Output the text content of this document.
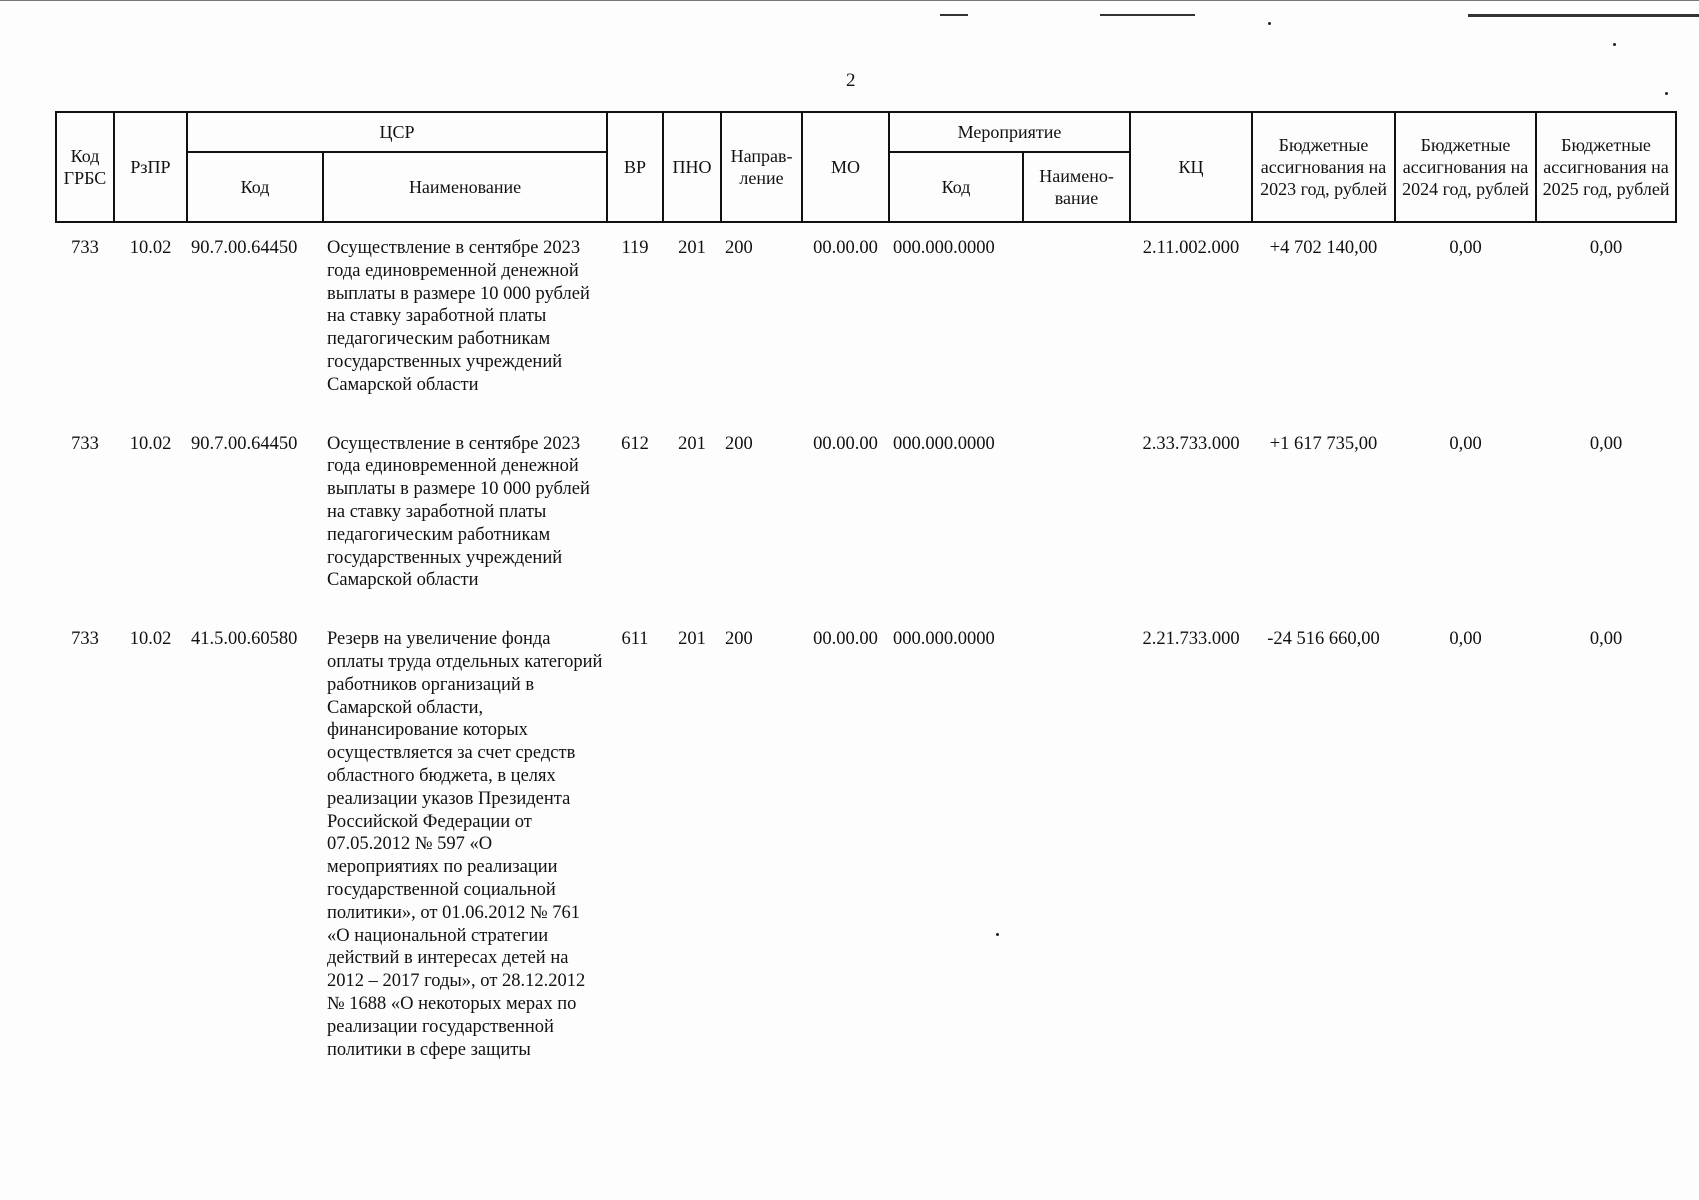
2
Код ГРБС	РзПР	ЦСР		ВР	ПНО	Направ-ление	МО	Мероприятие		КЦ	Бюджетные ассигнования на 2023 год, рублей	Бюджетные ассигнования на 2024 год, рублей	Бюджетные ассигнования на 2025 год, рублей
		Код	Наименование					Код	Наимено-вание				
733	10.02	90.7.00.64450	Осуществление в сентябре 2023 года единовременной денежной выплаты в размере 10 000 рублей на ставку заработной платы педагогическим работникам государственных учреждений Самарской области	119	201	200	00.00.00	000.000.0000		2.11.002.000	+4 702 140,00	0,00	0,00
733	10.02	90.7.00.64450	Осуществление в сентябре 2023 года единовременной денежной выплаты в размере 10 000 рублей на ставку заработной платы педагогическим работникам государственных учреждений Самарской области	612	201	200	00.00.00	000.000.0000		2.33.733.000	+1 617 735,00	0,00	0,00
733	10.02	41.5.00.60580	Резерв на увеличение фонда оплаты труда отдельных категорий работников организаций в Самарской области, финансирование которых осуществляется за счет средств областного бюджета, в целях реализации указов Президента Российской Федерации от 07.05.2012 № 597 «О мероприятиях по реализации государственной социальной политики», от 01.06.2012 № 761 «О национальной стратегии действий в интересах детей на 2012 – 2017 годы», от 28.12.2012 № 1688 «О некоторых мерах по реализации государственной политики в сфере защиты	611	201	200	00.00.00	000.000.0000		2.21.733.000	-24 516 660,00	0,00	0,00
